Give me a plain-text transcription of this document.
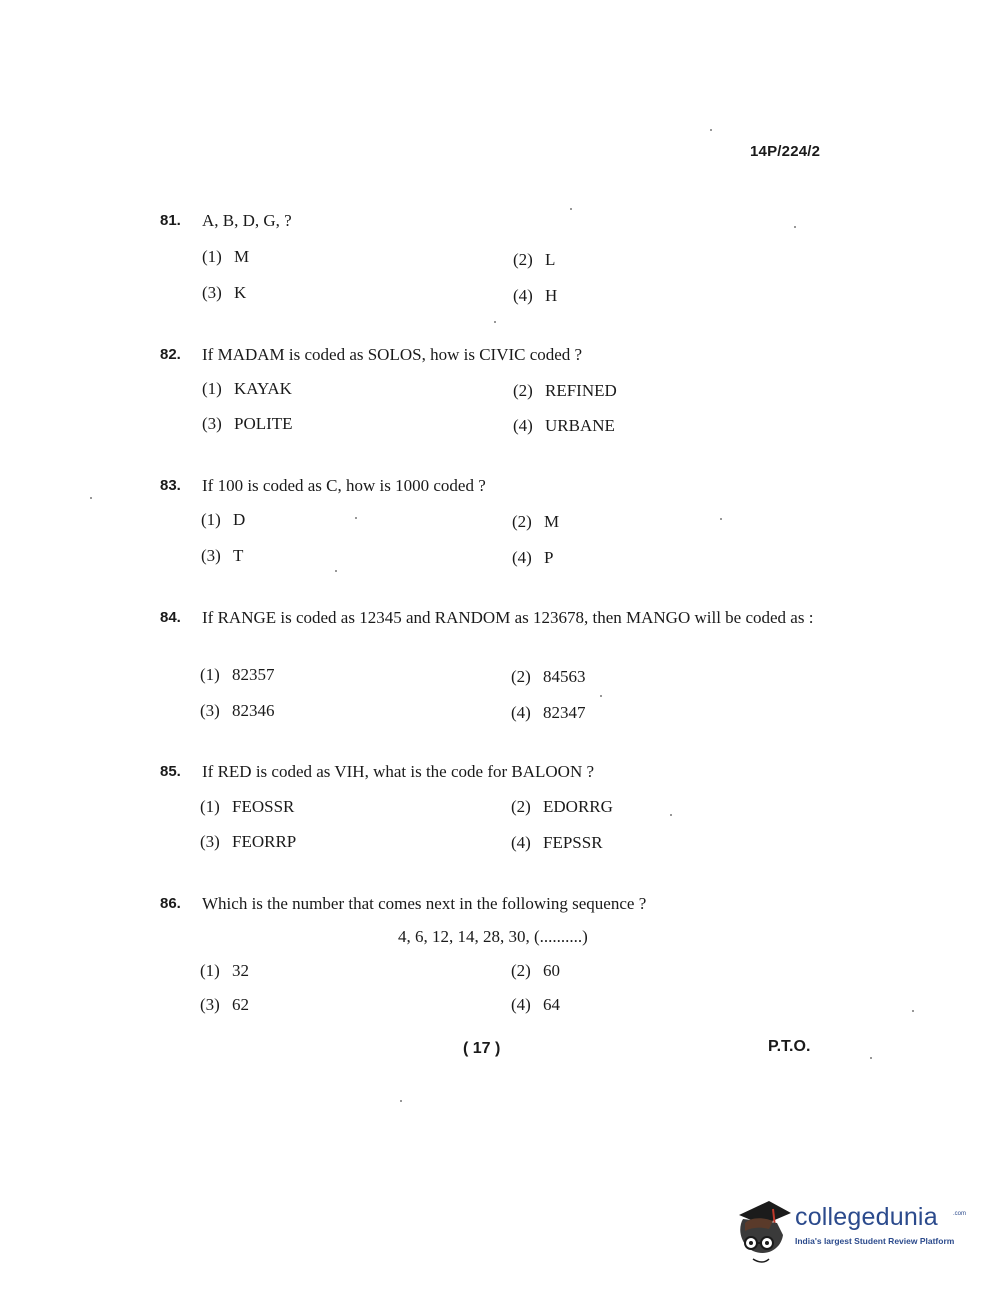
14P/224/2
81. A, B, D, G, ?
(1) M	(2) L
(3) K	(4) H
82. If MADAM is coded as SOLOS, how is CIVIC coded ?
(1) KAYAK	(2) REFINED
(3) POLITE	(4) URBANE
83. If 100 is coded as C, how is 1000 coded ?
(1) D	(2) M
(3) T	(4) P
84. If RANGE is coded as 12345 and RANDOM as 123678, then MANGO will be coded as :
(1) 82357	(2) 84563
(3) 82346	(4) 82347
85. If RED is coded as VIH, what is the code for BALOON ?
(1) FEOSSR	(2) EDORRG
(3) FEORRP	(4) FEPSSR
86. Which is the number that comes next in the following sequence ?
4, 6, 12, 14, 28, 30, (..........)
(1) 32	(2) 60
(3) 62	(4) 64
( 17 )	P.T.O.
collegedunia	.com
India's largest Student Review Platform
